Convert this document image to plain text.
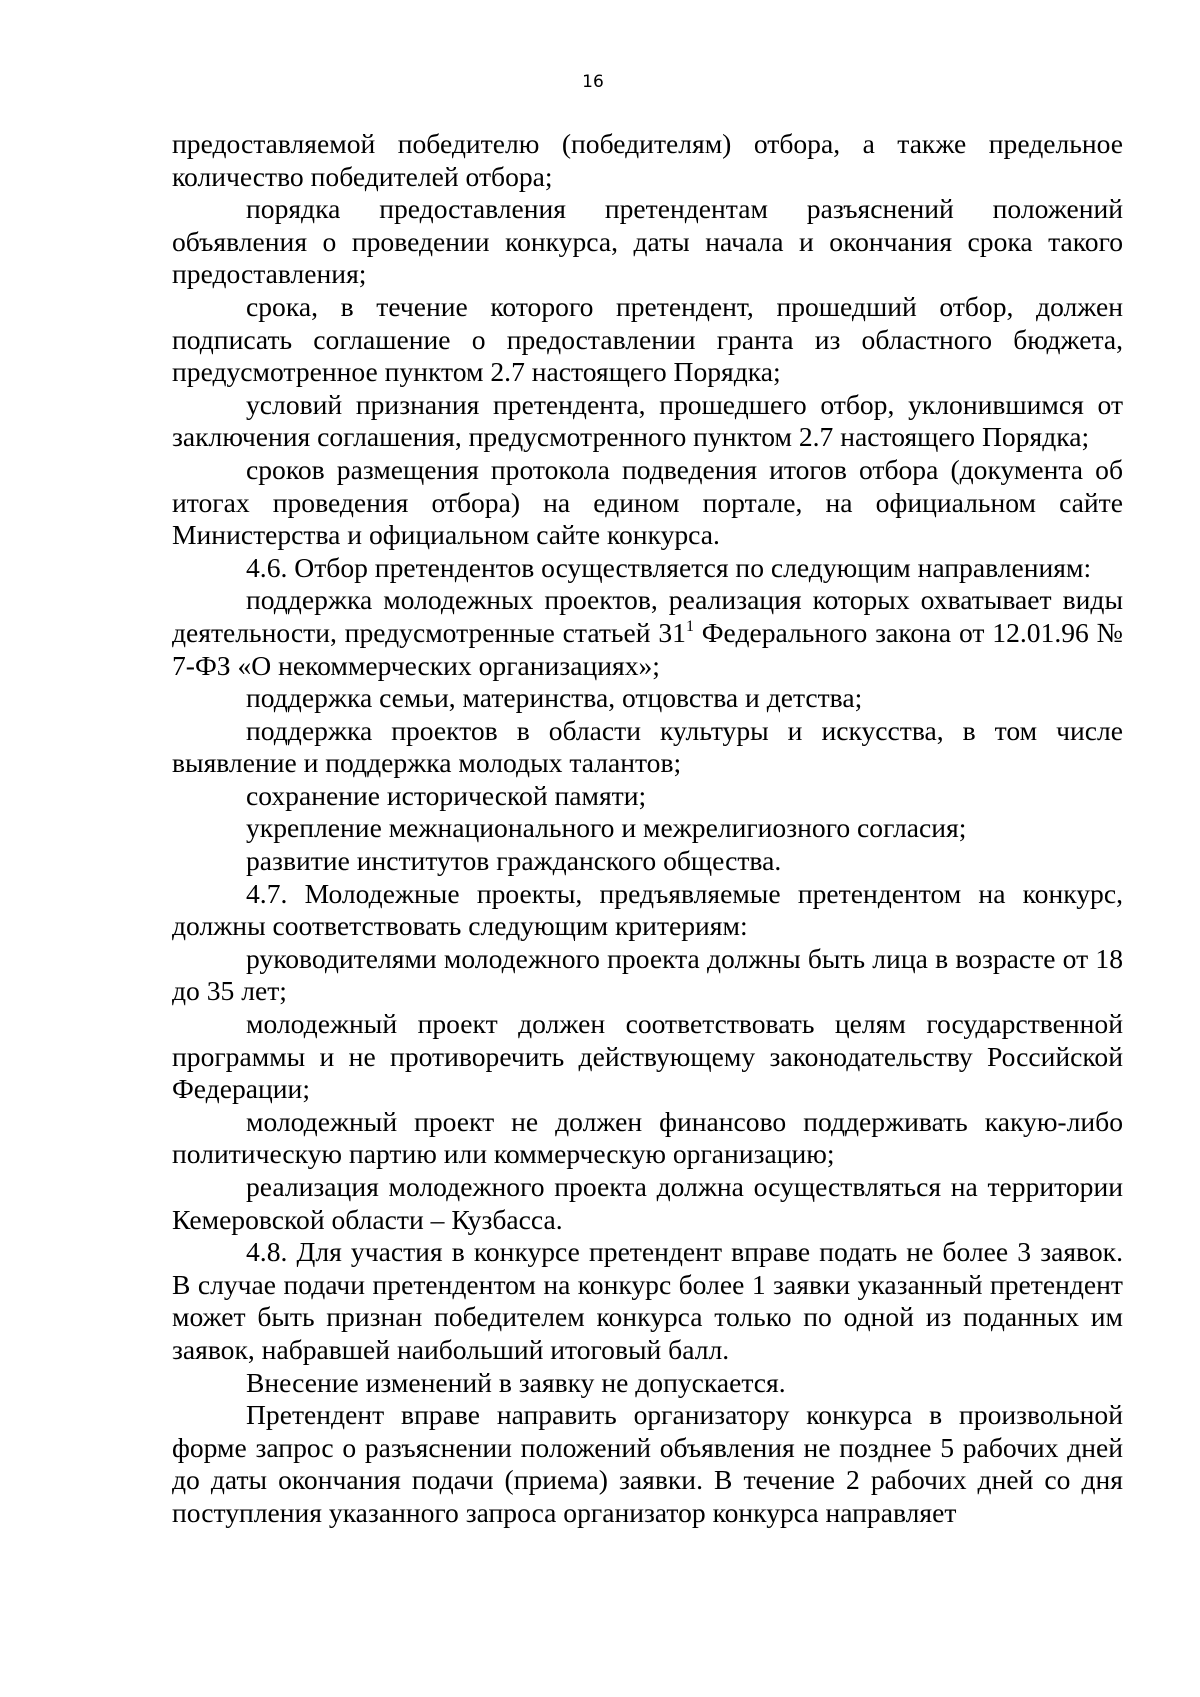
16

предоставляемой победителю (победителям) отбора, а также предельное количество победителей отбора;

порядка предоставления претендентам разъяснений положений объявления о проведении конкурса, даты начала и окончания срока такого предоставления;

срока, в течение которого претендент, прошедший отбор, должен подписать соглашение о предоставлении гранта из областного бюджета, предусмотренное пунктом 2.7 настоящего Порядка;

условий признания претендента, прошедшего отбор, уклонившимся от заключения соглашения, предусмотренного пунктом 2.7 настоящего Порядка;

сроков размещения протокола подведения итогов отбора (документа об итогах проведения отбора) на едином портале, на официальном сайте Министерства и официальном сайте конкурса.

4.6. Отбор претендентов осуществляется по следующим направлениям:

поддержка молодежных проектов, реализация которых охватывает виды деятельности, предусмотренные статьей $31^1$ Федерального закона от 12.01.96 № 7-ФЗ «О некоммерческих организациях»;

поддержка семьи, материнства, отцовства и детства;

поддержка проектов в области культуры и искусства, в том числе выявление и поддержка молодых талантов;

сохранение исторической памяти;

укрепление межнационального и межрелигиозного согласия;

развитие институтов гражданского общества.

4.7. Молодежные проекты, предъявляемые претендентом на конкурс, должны соответствовать следующим критериям:

руководителями молодежного проекта должны быть лица в возрасте от 18 до 35 лет;

молодежный проект должен соответствовать целям государственной программы и не противоречить действующему законодательству Российской Федерации;

молодежный проект не должен финансово поддерживать какую-либо политическую партию или коммерческую организацию;

реализация молодежного проекта должна осуществляться на территории Кемеровской области – Кузбасса.

4.8. Для участия в конкурсе претендент вправе подать не более 3 заявок. В случае подачи претендентом на конкурс более 1 заявки указанный претендент может быть признан победителем конкурса только по одной из поданных им заявок, набравшей наибольший итоговый балл.

Внесение изменений в заявку не допускается.

Претендент вправе направить организатору конкурса в произвольной форме запрос о разъяснении положений объявления не позднее 5 рабочих дней до даты окончания подачи (приема) заявки. В течение 2 рабочих дней со дня поступления указанного запроса организатор конкурса направляет
